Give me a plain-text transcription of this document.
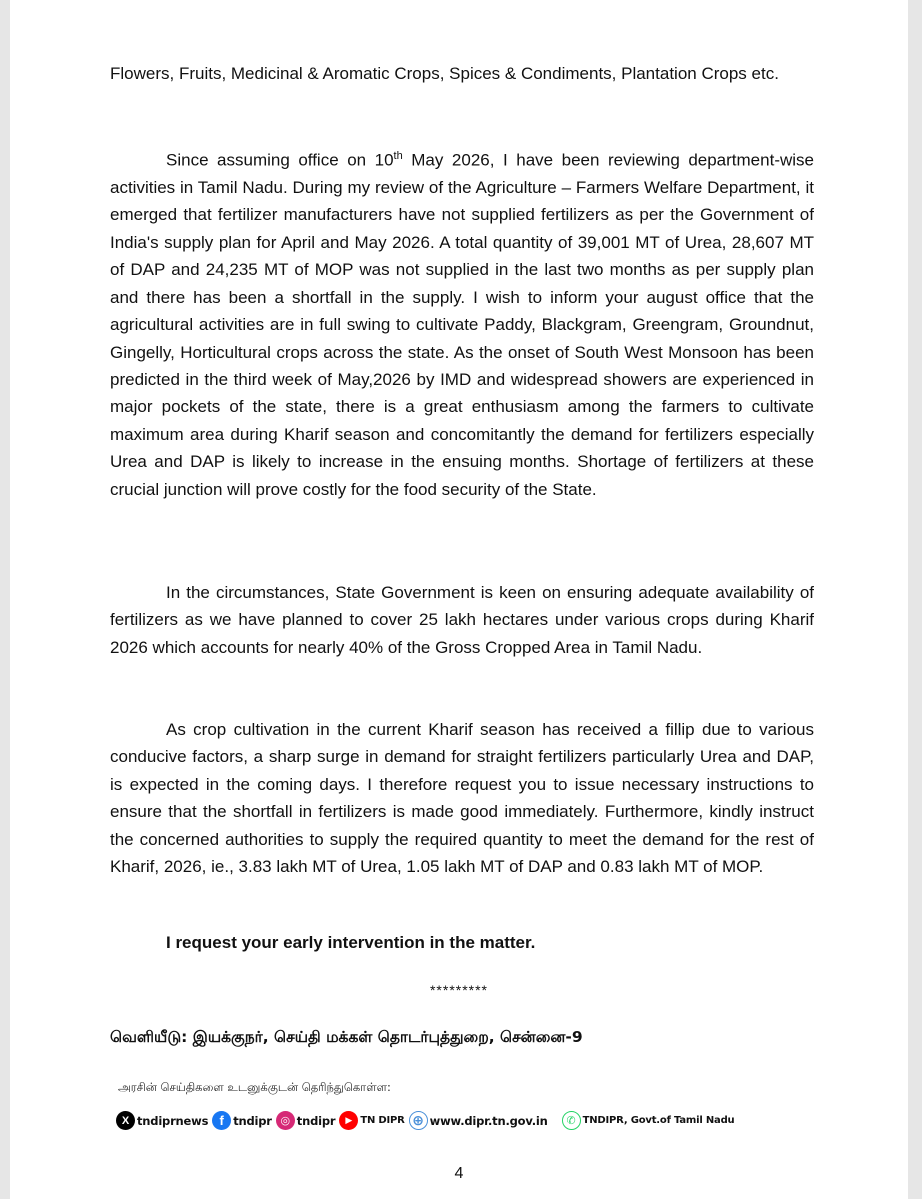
Flowers, Fruits, Medicinal & Aromatic Crops, Spices & Condiments, Plantation Crops etc.

Since assuming office on 10th May 2026, I have been reviewing department-wise activities in Tamil Nadu. During my review of the Agriculture – Farmers Welfare Department, it emerged that fertilizer manufacturers have not supplied fertilizers as per the Government of India's supply plan for April and May 2026. A total quantity of 39,001 MT of Urea, 28,607 MT of DAP and 24,235 MT of MOP was not supplied in the last two months as per supply plan and there has been a shortfall in the supply. I wish to inform your august office that the agricultural activities are in full swing to cultivate Paddy, Blackgram, Greengram, Groundnut, Gingelly, Horticultural crops across the state. As the onset of South West Monsoon has been predicted in the third week of May,2026 by IMD and widespread showers are experienced in major pockets of the state, there is a great enthusiasm among the farmers to cultivate maximum area during Kharif season and concomitantly the demand for fertilizers especially Urea and DAP is likely to increase in the ensuing months. Shortage of fertilizers at these crucial junction will prove costly for the food security of the State.

In the circumstances, State Government is keen on ensuring adequate availability of fertilizers as we have planned to cover 25 lakh hectares under various crops during Kharif 2026 which accounts for nearly 40% of the Gross Cropped Area in Tamil Nadu.

As crop cultivation in the current Kharif season has received a fillip due to various conducive factors, a sharp surge in demand for straight fertilizers particularly Urea and DAP, is expected in the coming days. I therefore request you to issue necessary instructions to ensure that the shortfall in fertilizers is made good immediately. Furthermore, kindly instruct the concerned authorities to supply the required quantity to meet the demand for the rest of Kharif, 2026, ie., 3.83 lakh MT of Urea, 1.05 lakh MT of DAP and 0.83 lakh MT of MOP.

I request your early intervention in the matter.
*********
வெளியீடு: இயக்குநர், செய்தி மக்கள் தொடர்புத்துறை, சென்னை-9
அரசின் செய்திகளை உடனுக்குடன் தெரிந்துகொள்ள:
X tndiprnews f tndipr ◎ tndipr	▶ TN DIPR ⊕ www.dipr.tn.gov.in	✆ TNDIPR, Govt.of Tamil Nadu
4
